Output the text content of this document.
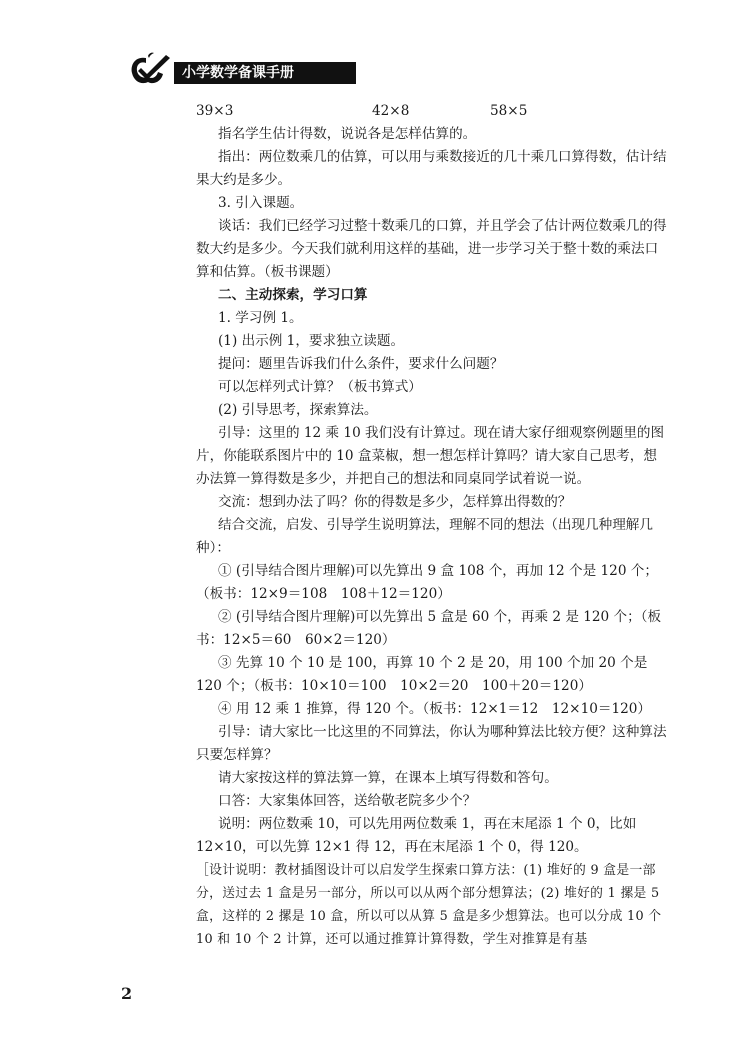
小学数学备课手册
39×3	42×8	58×5

指名学生估计得数，说说各是怎样估算的。

指出：两位数乘几的估算，可以用与乘数接近的几十乘几口算得数，估计结果大约是多少。

3. 引入课题。

谈话：我们已经学习过整十数乘几的口算，并且学会了估计两位数乘几的得数大约是多少。今天我们就利用这样的基础，进一步学习关于整十数的乘法口算和估算。（板书课题）

二、主动探索，学习口算

1. 学习例 1。

(1) 出示例 1，要求独立读题。

提问：题里告诉我们什么条件，要求什么问题？

可以怎样列式计算？（板书算式）

(2) 引导思考，探索算法。

引导：这里的 12 乘 10 我们没有计算过。现在请大家仔细观察例题里的图片，你能联系图片中的 10 盒菜椒，想一想怎样计算吗？请大家自己思考，想办法算一算得数是多少，并把自己的想法和同桌同学试着说一说。

交流：想到办法了吗？你的得数是多少，怎样算出得数的？

结合交流，启发、引导学生说明算法，理解不同的想法（出现几种理解几种）：

① (引导结合图片理解)可以先算出 9 盒 108 个，再加 12 个是 120 个；（板书：12×9＝108　108＋12＝120）

② (引导结合图片理解)可以先算出 5 盒是 60 个，再乘 2 是 120 个；（板书：12×5＝60　60×2＝120）

③ 先算 10 个 10 是 100，再算 10 个 2 是 20，用 100 个加 20 个是 120 个；（板书：10×10＝100　10×2＝20　100＋20＝120）

④ 用 12 乘 1 推算，得 120 个。（板书：12×1＝12　12×10＝120）

引导：请大家比一比这里的不同算法，你认为哪种算法比较方便？这种算法只要怎样算？

请大家按这样的算法算一算，在课本上填写得数和答句。

口答：大家集体回答，送给敬老院多少个？

说明：两位数乘 10，可以先用两位数乘 1，再在末尾添 1 个 0，比如 12×10，可以先算 12×1 得 12，再在末尾添 1 个 0，得 120。

［设计说明：教材插图设计可以启发学生探索口算方法：(1) 堆好的 9 盒是一部分，送过去 1 盒是另一部分，所以可以从两个部分想算法；(2) 堆好的 1 摞是 5 盒，这样的 2 摞是 10 盒，所以可以从算 5 盒是多少想算法。也可以分成 10 个 10 和 10 个 2 计算，还可以通过推算计算得数，学生对推算是有基

2
